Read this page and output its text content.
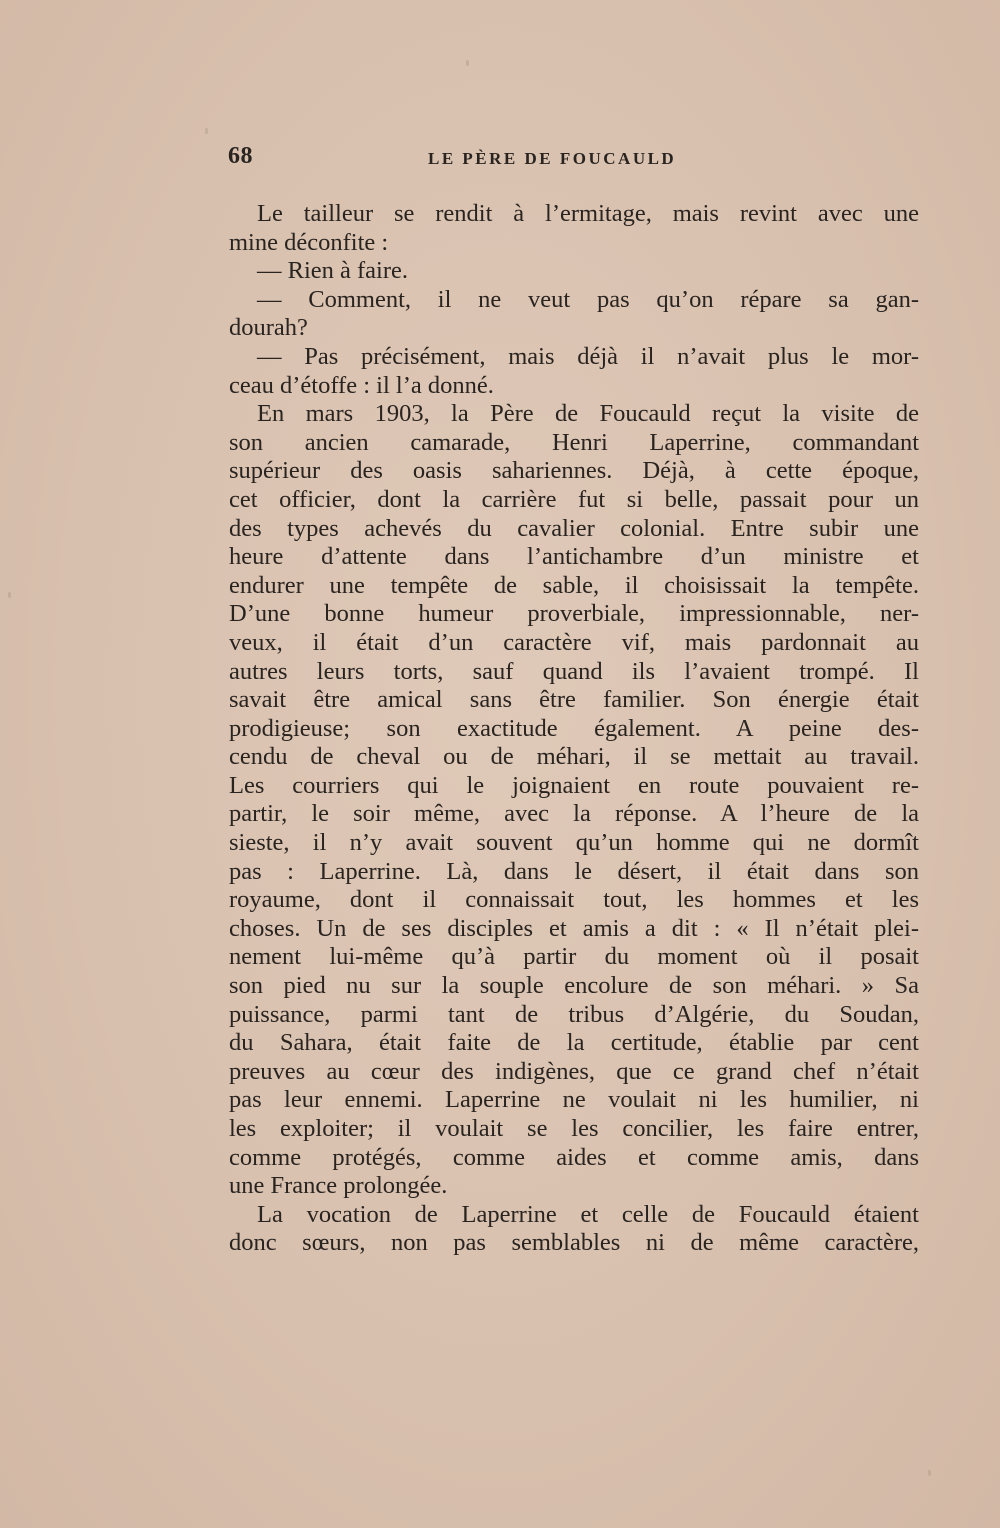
68	LE PÈRE DE FOUCAULD
Le tailleur se rendit à l’ermitage, mais revint avec une
mine déconfite :
— Rien à faire.
— Comment, il ne veut pas qu’on répare sa gan-
dourah?
— Pas précisément, mais déjà il n’avait plus le mor-
ceau d’étoffe : il l’a donné.
En mars 1903, la Père de Foucauld reçut la visite de
son ancien camarade, Henri Laperrine, commandant
supérieur des oasis sahariennes. Déjà, à cette époque,
cet officier, dont la carrière fut si belle, passait pour un
des types achevés du cavalier colonial. Entre subir une
heure d’attente dans l’antichambre d’un ministre et
endurer une tempête de sable, il choisissait la tempête.
D’une bonne humeur proverbiale, impressionnable, ner-
veux, il était d’un caractère vif, mais pardonnait au
autres leurs torts, sauf quand ils l’avaient trompé. Il
savait être amical sans être familier. Son énergie était
prodigieuse; son exactitude également. A peine des-
cendu de cheval ou de méhari, il se mettait au travail.
Les courriers qui le joignaient en route pouvaient re-
partir, le soir même, avec la réponse. A l’heure de la
sieste, il n’y avait souvent qu’un homme qui ne dormît
pas : Laperrine. Là, dans le désert, il était dans son
royaume, dont il connaissait tout, les hommes et les
choses. Un de ses disciples et amis a dit : « Il n’était plei-
nement lui-même qu’à partir du moment où il posait
son pied nu sur la souple encolure de son méhari. » Sa
puissance, parmi tant de tribus d’Algérie, du Soudan,
du Sahara, était faite de la certitude, établie par cent
preuves au cœur des indigènes, que ce grand chef n’était
pas leur ennemi. Laperrine ne voulait ni les humilier, ni
les exploiter; il voulait se les concilier, les faire entrer,
comme protégés, comme aides et comme amis, dans
une France prolongée.
La vocation de Laperrine et celle de Foucauld étaient
donc sœurs, non pas semblables ni de même caractère,
